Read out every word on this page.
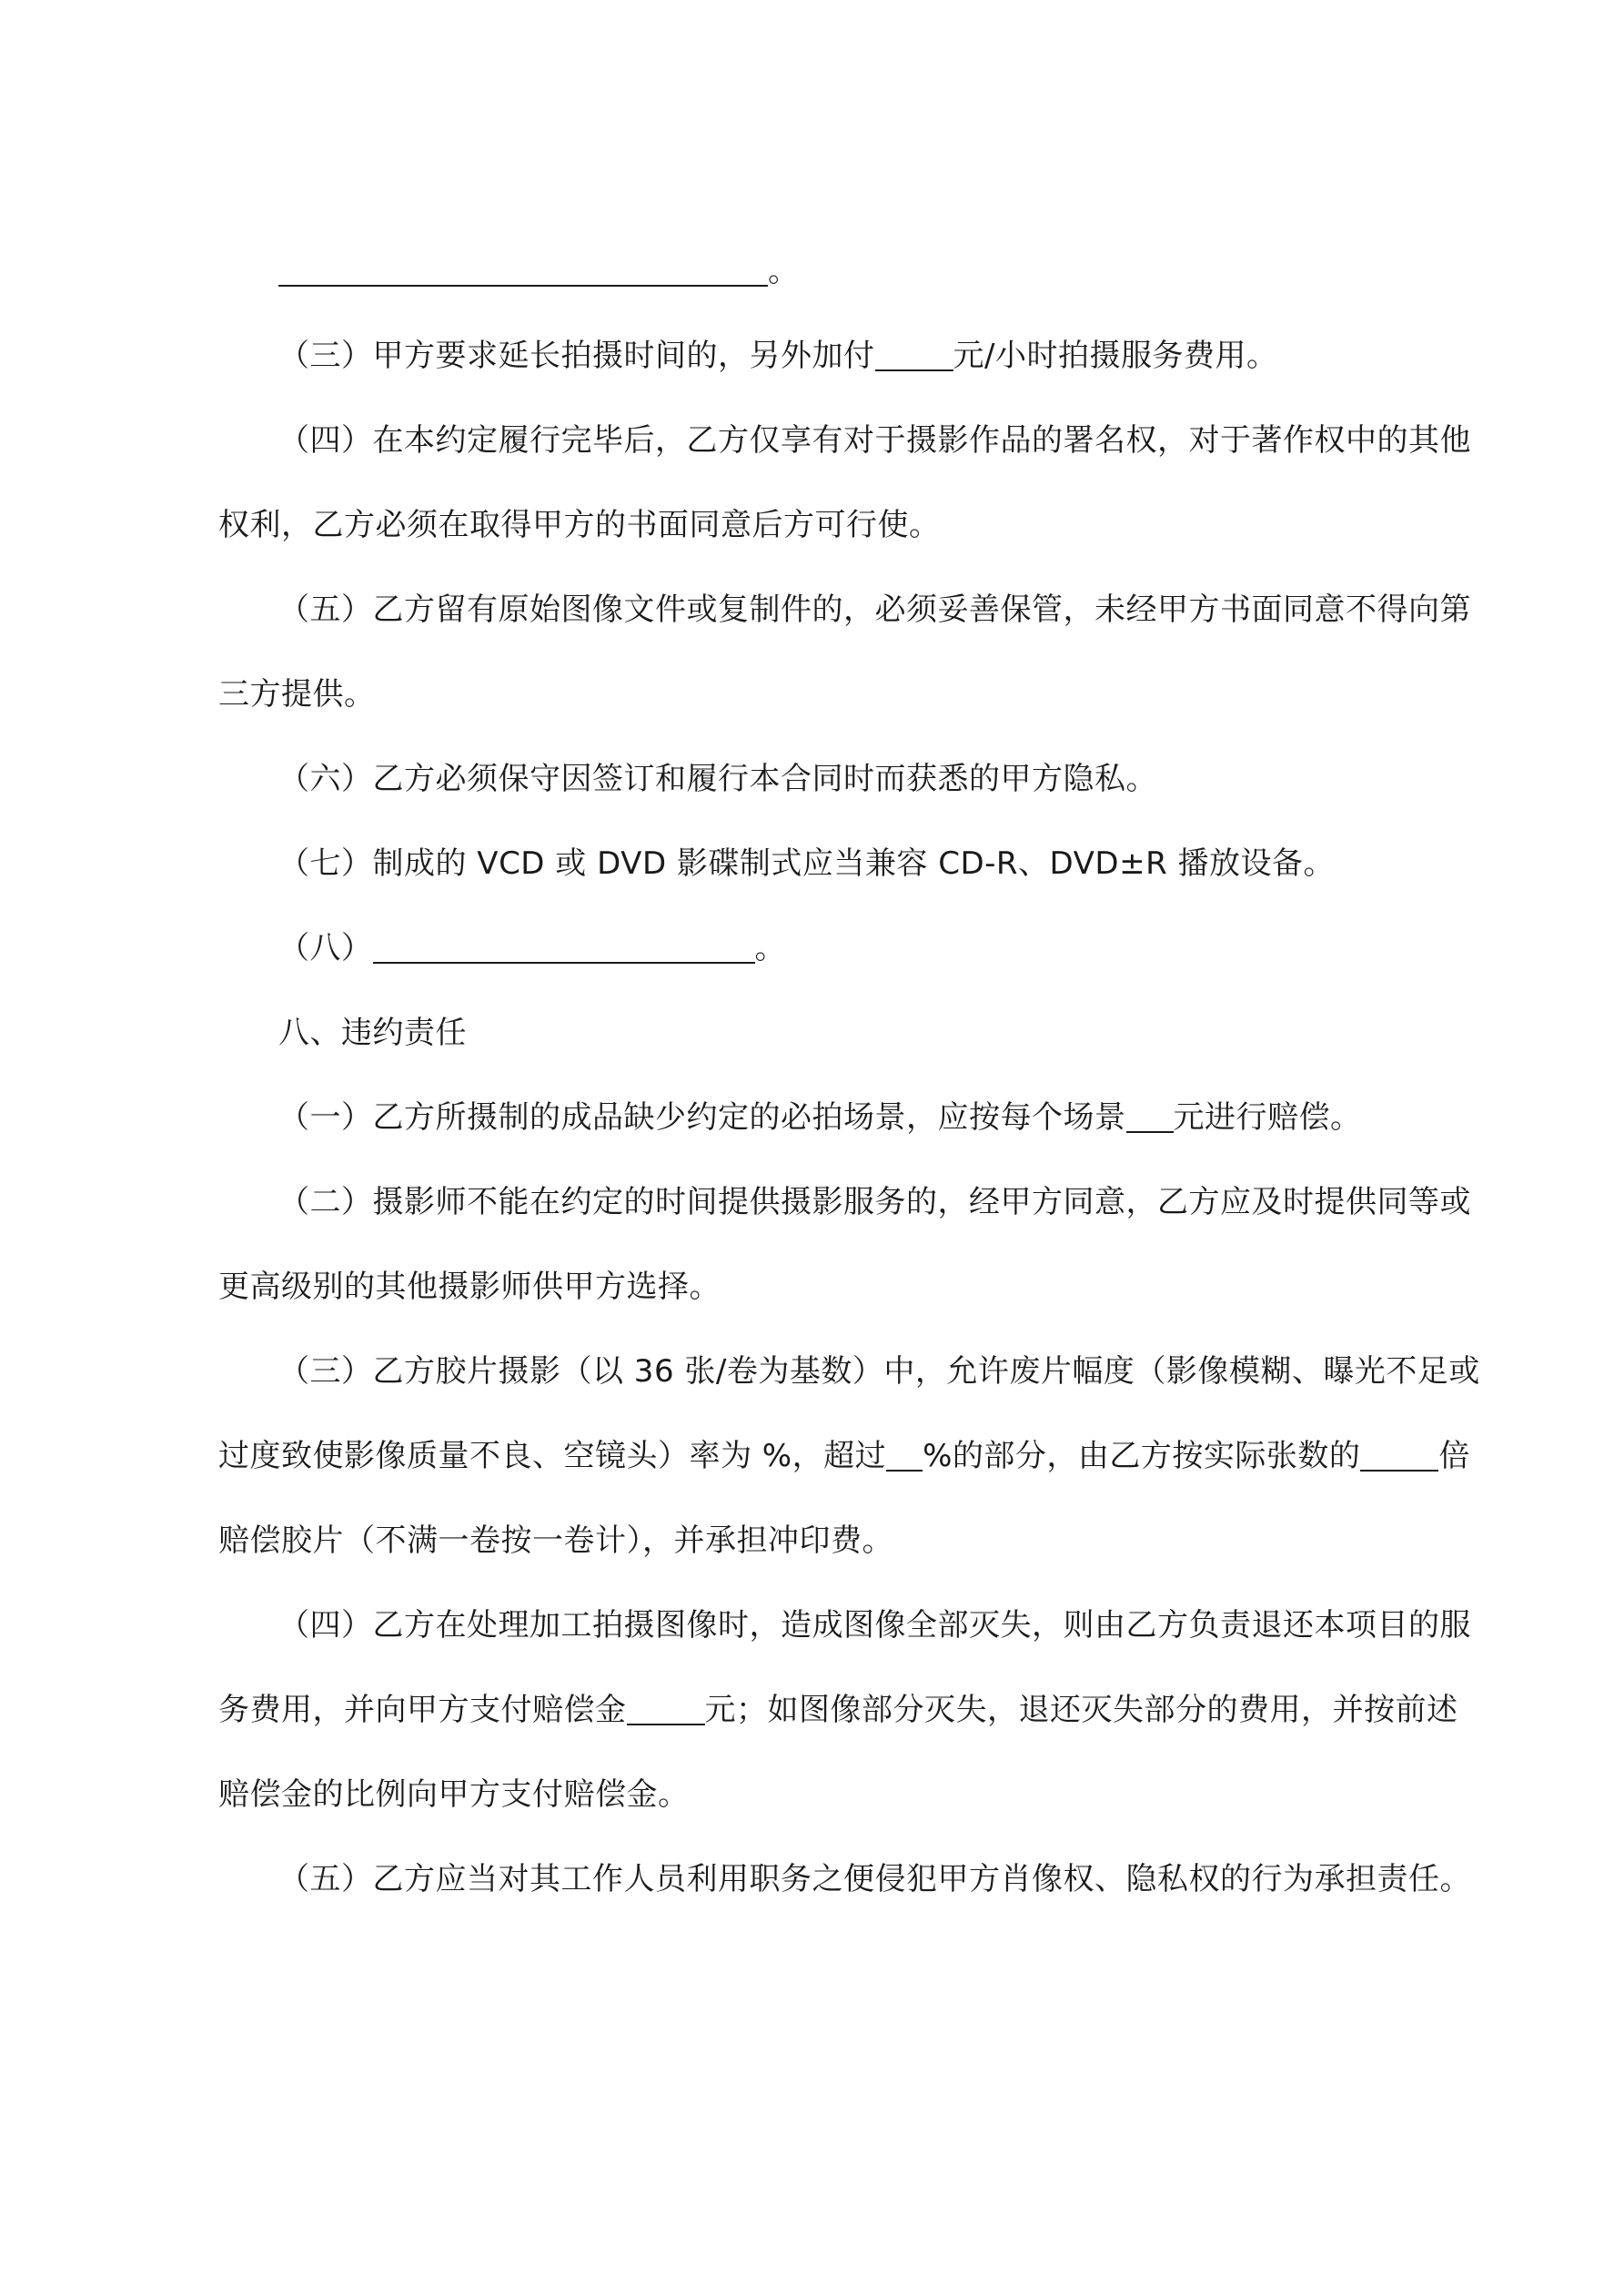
。
（三）甲方要求延长拍摄时间的，另外加付	元/小时拍摄服务费用。
（四）在本约定履行完毕后，乙方仅享有对于摄影作品的署名权，对于著作权中的其他
权利，乙方必须在取得甲方的书面同意后方可行使。
（五）乙方留有原始图像文件或复制件的，必须妥善保管，未经甲方书面同意不得向第
三方提供。
（六）乙方必须保守因签订和履行本合同时而获悉的甲方隐私。
（七）制成的 VCD 或 DVD 影碟制式应当兼容 CD-R、DVD±R 播放设备。
（八）	。
八、违约责任
（一）乙方所摄制的成品缺少约定的必拍场景，应按每个场景 元进行赔偿。
（二）摄影师不能在约定的时间提供摄影服务的，经甲方同意，乙方应及时提供同等或
更高级别的其他摄影师供甲方选择。
（三）乙方胶片摄影（以 36 张/卷为基数）中，允许废片幅度（影像模糊、曝光不足或
过度致使影像质量不良、空镜头）率为 %，超过 %的部分，由乙方按实际张数的	倍
赔偿胶片（不满一卷按一卷计），并承担冲印费。
（四）乙方在处理加工拍摄图像时，造成图像全部灭失，则由乙方负责退还本项目的服
务费用，并向甲方支付赔偿金	元；如图像部分灭失，退还灭失部分的费用，并按前述
赔偿金的比例向甲方支付赔偿金。
（五）乙方应当对其工作人员利用职务之便侵犯甲方肖像权、隐私权的行为承担责任。
